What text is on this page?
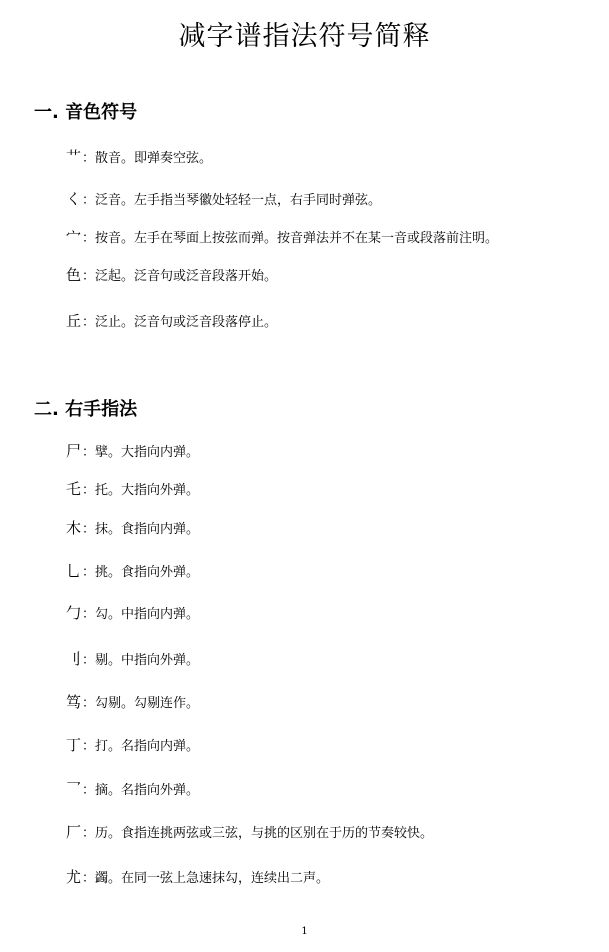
减字谱指法符号简释
一. 音色符号
艹：散音。即弹奏空弦。
く：泛音。左手指当琴徽处轻轻一点，右手同时弹弦。
宀：按音。左手在琴面上按弦而弹。按音弹法并不在某一音或段落前注明。
色：泛起。泛音句或泛音段落开始。
丘：泛止。泛音句或泛音段落停止。
二. 右手指法
尸：擘。大指向内弹。
乇：托。大指向外弹。
木：抹。食指向内弹。
乚：挑。食指向外弹。
勹：勾。中指向内弹。
刂：剔。中指向外弹。
笃：勾剔。勾剔连作。
丁：打。名指向内弹。
乛：摘。名指向外弹。
厂：历。食指连挑两弦或三弦，与挑的区别在于历的节奏较快。
尤：蠲。在同一弦上急速抹勾，连续出二声。
1
